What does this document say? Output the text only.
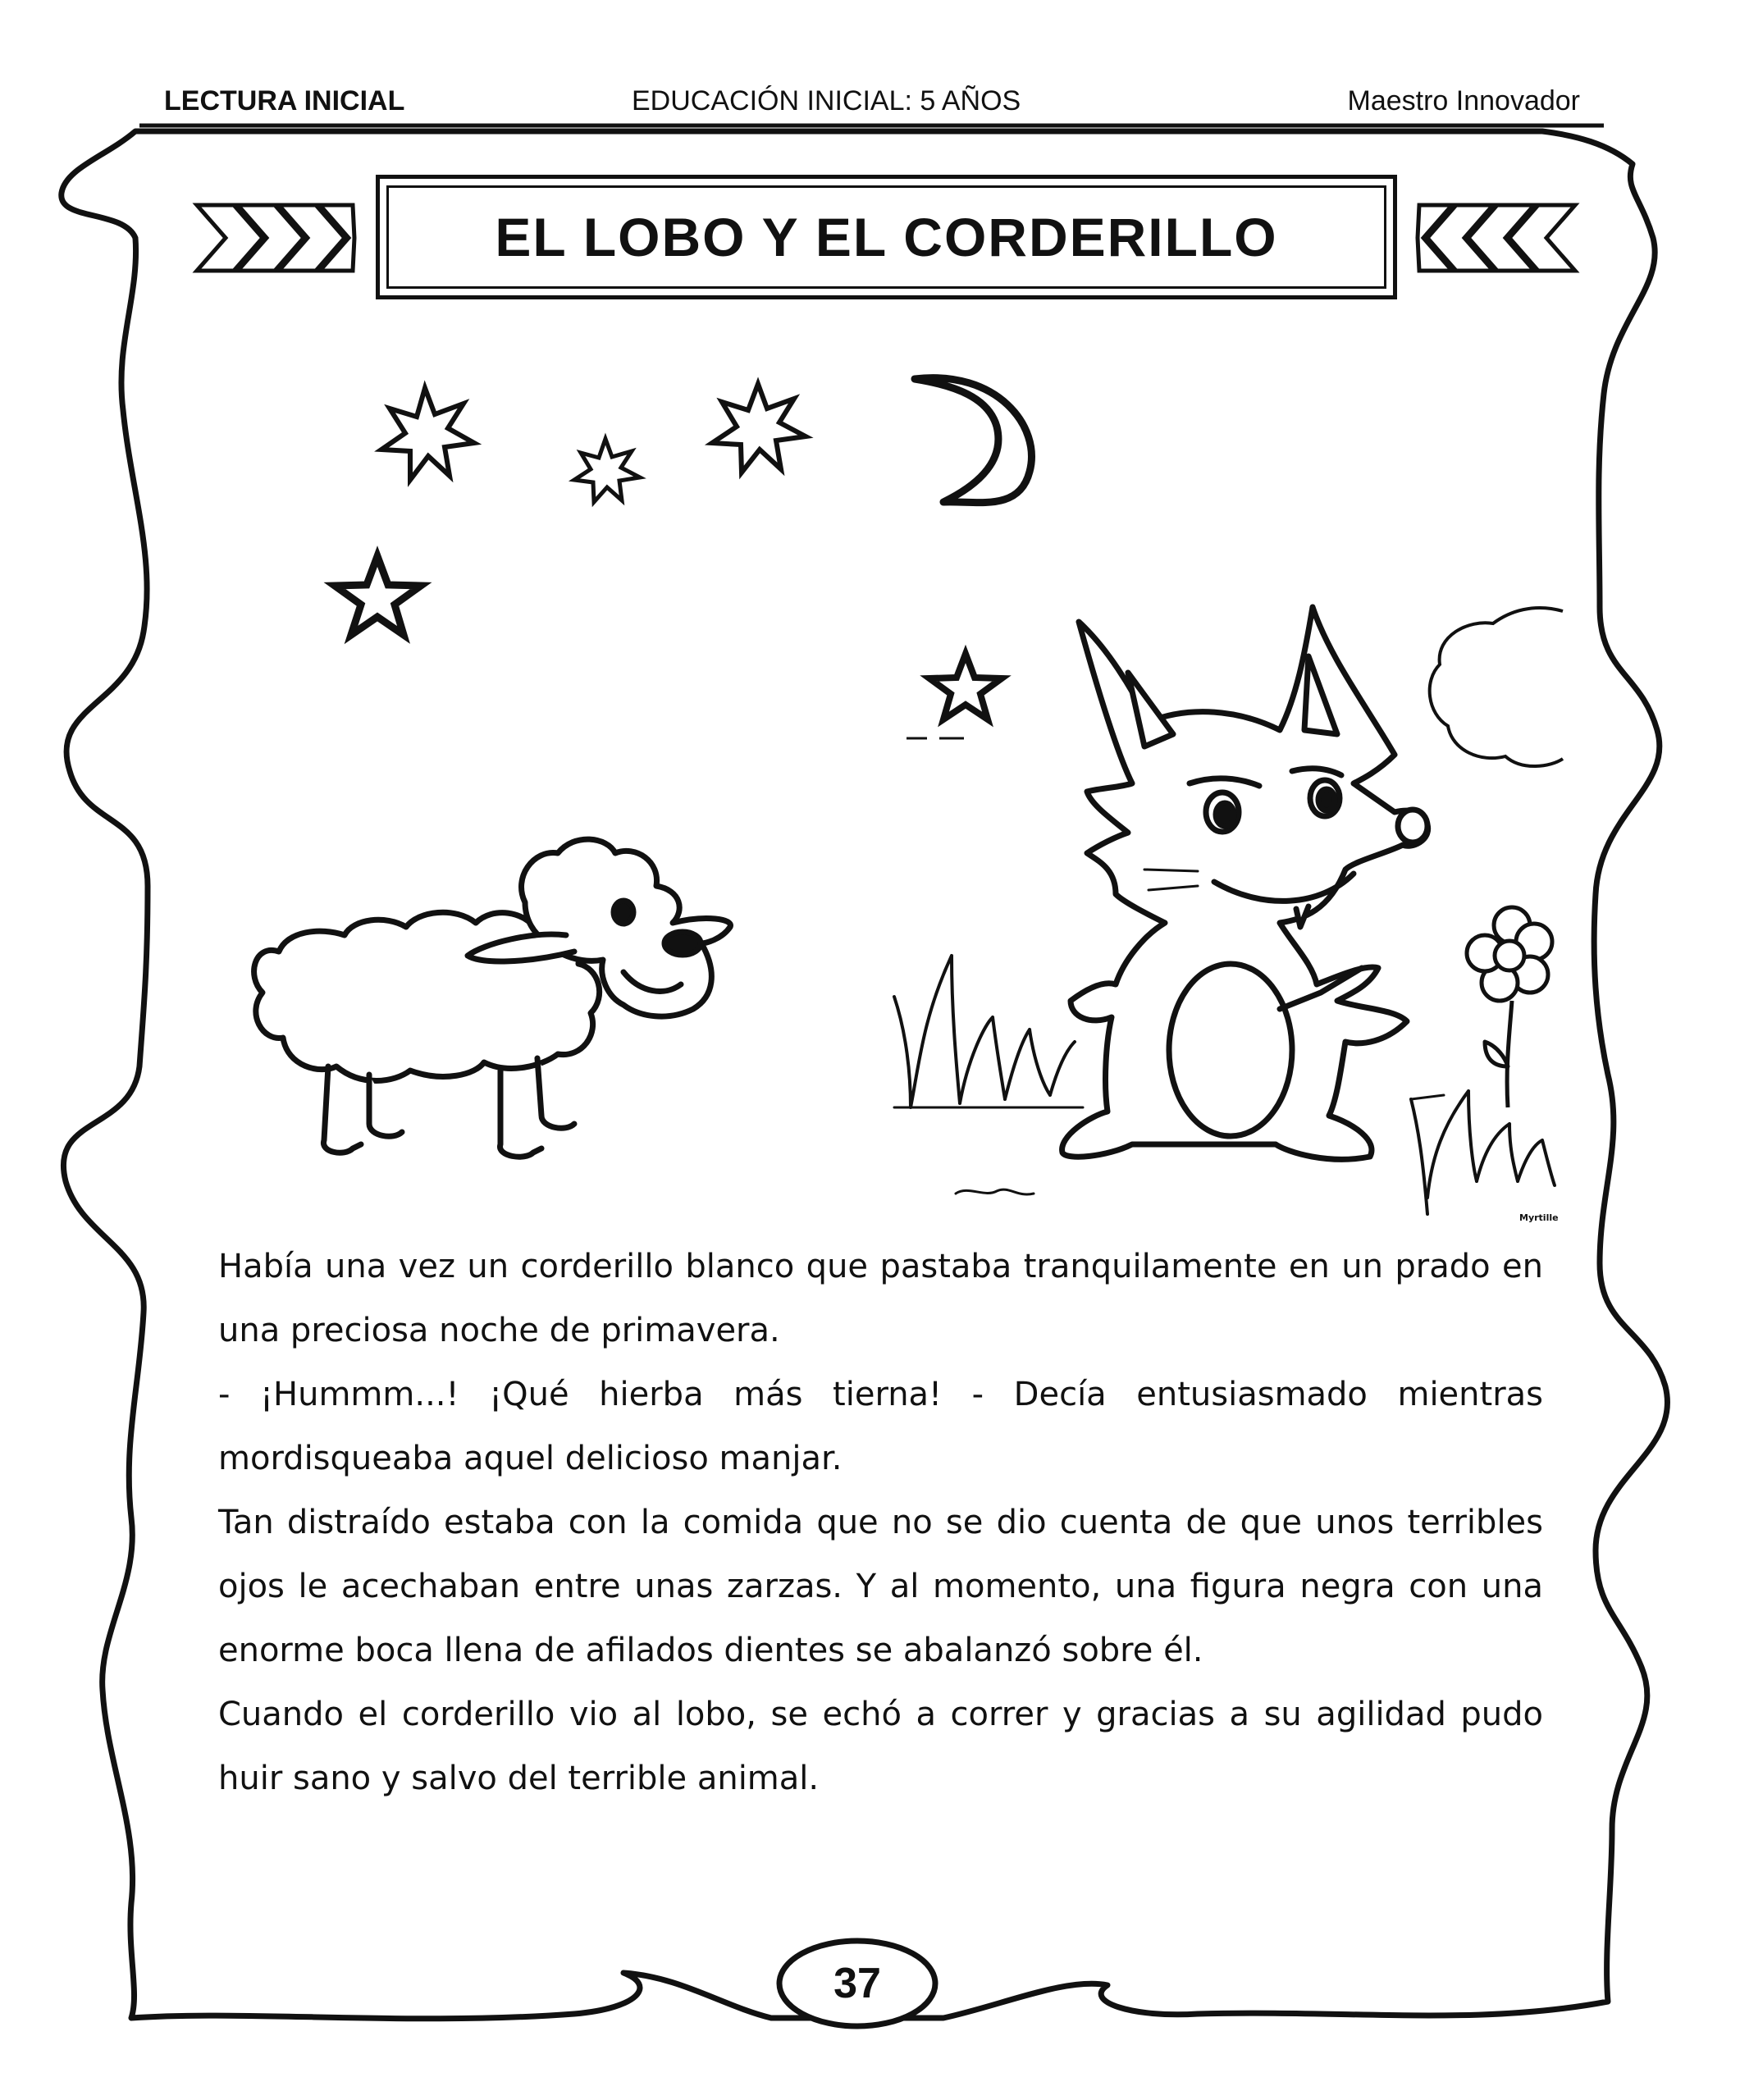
LECTURA INICIAL	EDUCACIÓN INICIAL: 5 AÑOS	Maestro Innovador
EL LOBO Y EL CORDERILLO
Myrtille

Había una vez un corderillo blanco que pastaba tranquilamente en un prado en una preciosa noche de primavera.

- ¡Hummm...! ¡Qué hierba más tierna! - Decía entusiasmado mientras mordisqueaba aquel delicioso manjar.

Tan distraído estaba con la comida que no se dio cuenta de que unos terribles ojos le acechaban entre unas zarzas. Y al momento, una figura negra con una enorme boca llena de afilados dientes se abalanzó sobre él.

Cuando el corderillo vio al lobo, se echó a correr y gracias a su agilidad pudo huir sano y salvo del terrible animal.

37
